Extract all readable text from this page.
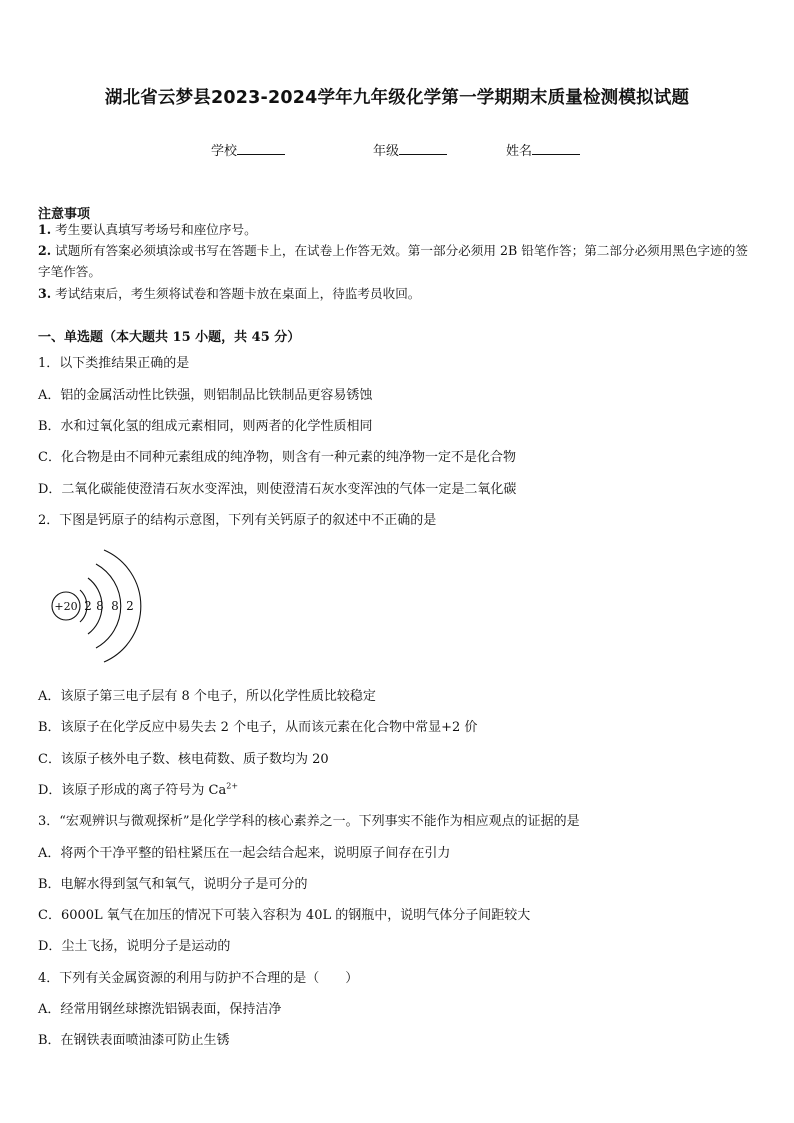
湖北省云梦县2023-2024学年九年级化学第一学期期末质量检测模拟试题
学校	年级	姓名
注意事项
1. 考生要认真填写考场号和座位序号。
2. 试题所有答案必须填涂或书写在答题卡上，在试卷上作答无效。第一部分必须用 2B 铅笔作答；第二部分必须用黑色字迹的签字笔作答。
3. 考试结束后，考生须将试卷和答题卡放在桌面上，待监考员收回。
一、单选题（本大题共 15 小题，共 45 分）
1．以下类推结果正确的是
A．铝的金属活动性比铁强，则铝制品比铁制品更容易锈蚀
B．水和过氧化氢的组成元素相同，则两者的化学性质相同
C．化合物是由不同种元素组成的纯净物，则含有一种元素的纯净物一定不是化合物
D．二氧化碳能使澄清石灰水变浑浊，则使澄清石灰水变浑浊的气体一定是二氧化碳
2．下图是钙原子的结构示意图，下列有关钙原子的叙述中不正确的是
+20 2 8 8 2
A．该原子第三电子层有 8 个电子，所以化学性质比较稳定
B．该原子在化学反应中易失去 2 个电子，从而该元素在化合物中常显+2 价
C．该原子核外电子数、核电荷数、质子数均为 20
D．该原子形成的离子符号为 $Ca^{2+}$
3．“宏观辨识与微观探析”是化学学科的核心素养之一。下列事实不能作为相应观点的证据的是
A．将两个干净平整的铅柱紧压在一起会结合起来，说明原子间存在引力
B．电解水得到氢气和氧气，说明分子是可分的
C．6000L 氧气在加压的情况下可装入容积为 40L 的钢瓶中，说明气体分子间距较大
D．尘土飞扬，说明分子是运动的
4．下列有关金属资源的利用与防护不合理的是（　　）
A．经常用钢丝球擦洗铝锅表面，保持洁净
B．在钢铁表面喷油漆可防止生锈
